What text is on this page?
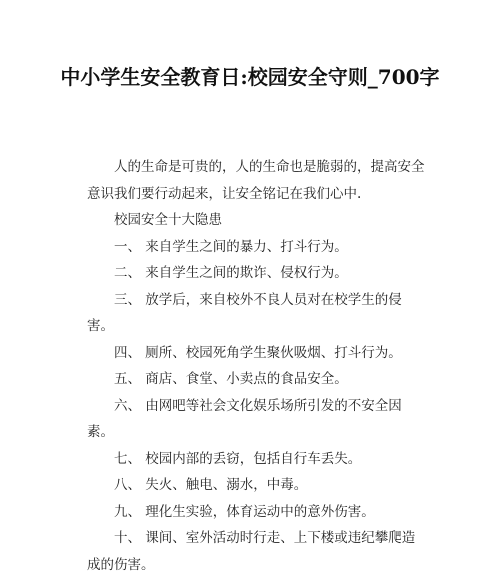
中小学生安全教育日:校园安全守则_700字

人的生命是可贵的，人的生命也是脆弱的，提高安全意识我们要行动起来，让安全铭记在我们心中.

校园安全十大隐患

一、 来自学生之间的暴力、打斗行为。

二、 来自学生之间的欺诈、侵权行为。

三、 放学后，来自校外不良人员对在校学生的侵害。

四、 厕所、校园死角学生聚伙吸烟、打斗行为。

五、 商店、食堂、小卖点的食品安全。

六、 由网吧等社会文化娱乐场所引发的不安全因素。

七、 校园内部的丢窃，包括自行车丢失。

八、 失火、触电、溺水，中毒。

九、 理化生实验，体育运动中的意外伤害。

十、 课间、室外活动时行走、上下楼或违纪攀爬造成的伤害。
